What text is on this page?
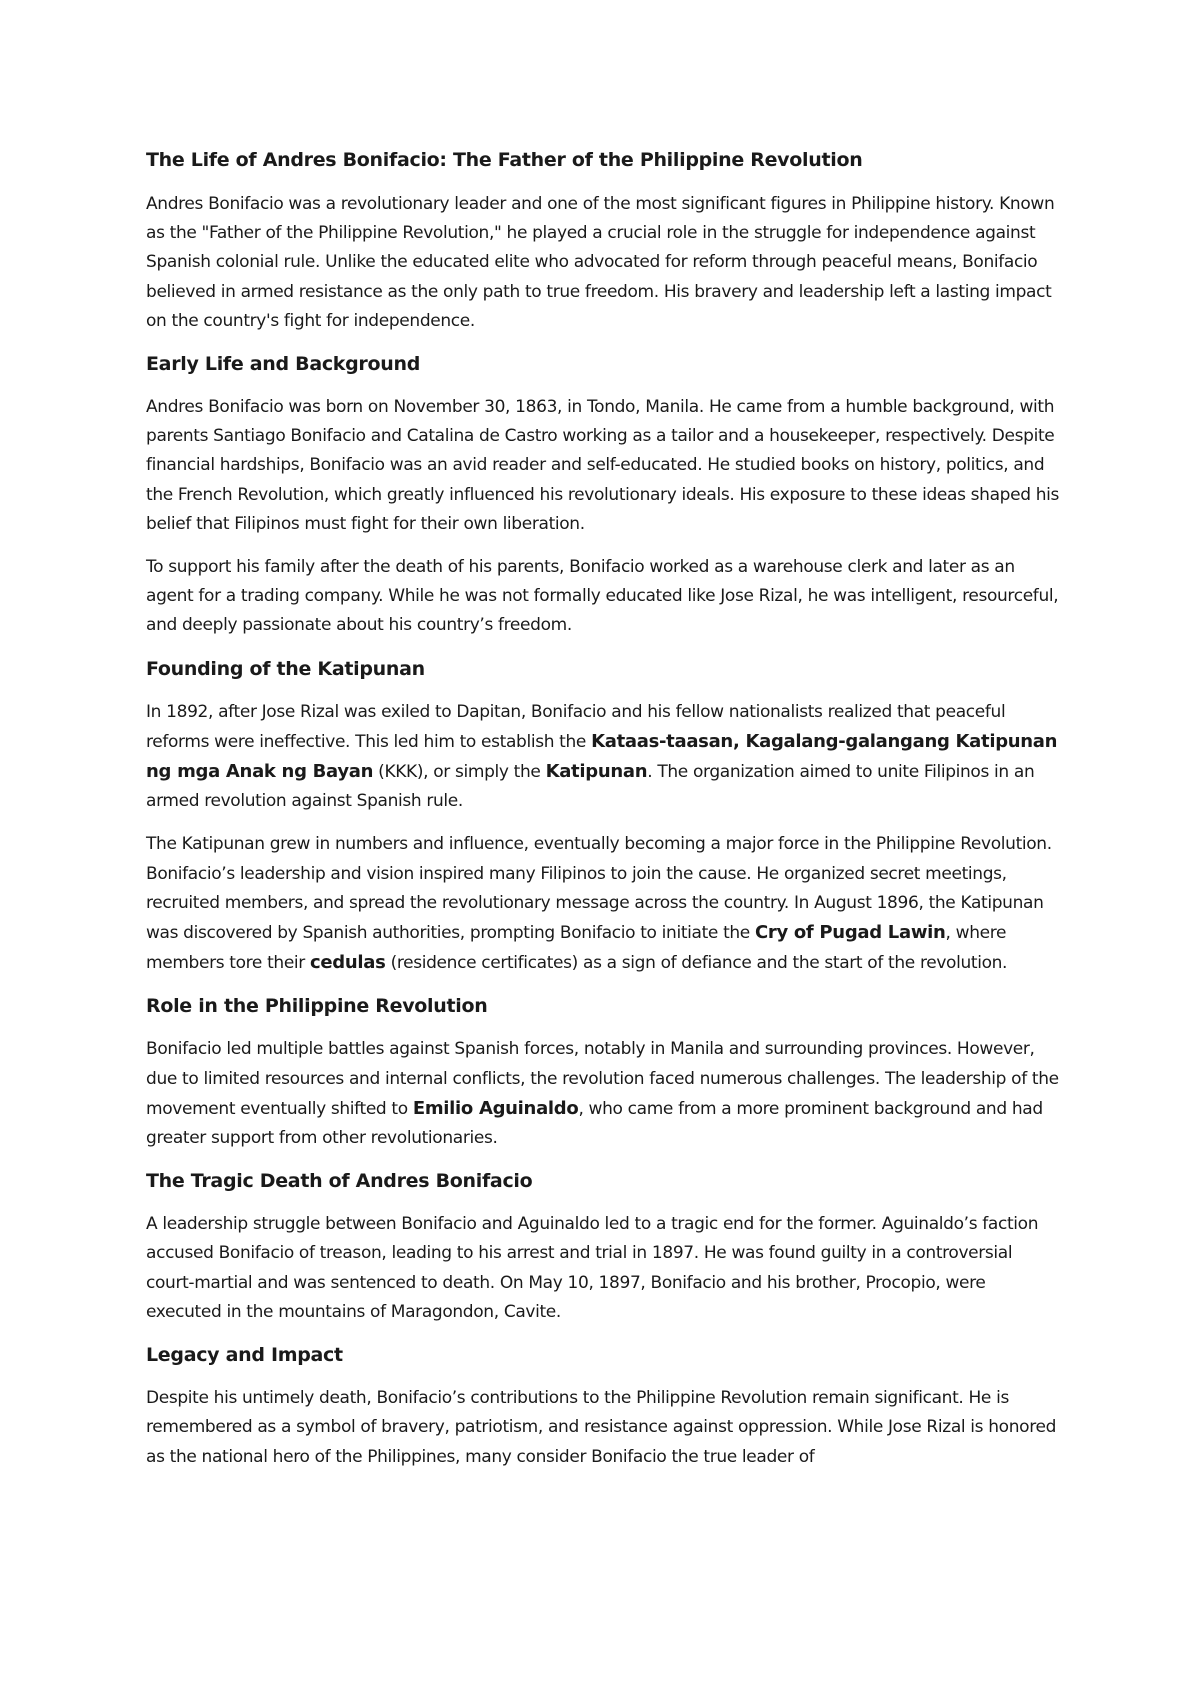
The Life of Andres Bonifacio: The Father of the Philippine Revolution

Andres Bonifacio was a revolutionary leader and one of the most significant figures in Philippine history. Known as the "Father of the Philippine Revolution," he played a crucial role in the struggle for independence against Spanish colonial rule. Unlike the educated elite who advocated for reform through peaceful means, Bonifacio believed in armed resistance as the only path to true freedom. His bravery and leadership left a lasting impact on the country's fight for independence.

Early Life and Background

Andres Bonifacio was born on November 30, 1863, in Tondo, Manila. He came from a humble background, with parents Santiago Bonifacio and Catalina de Castro working as a tailor and a housekeeper, respectively. Despite financial hardships, Bonifacio was an avid reader and self-educated. He studied books on history, politics, and the French Revolution, which greatly influenced his revolutionary ideals. His exposure to these ideas shaped his belief that Filipinos must fight for their own liberation.

To support his family after the death of his parents, Bonifacio worked as a warehouse clerk and later as an agent for a trading company. While he was not formally educated like Jose Rizal, he was intelligent, resourceful, and deeply passionate about his country’s freedom.

Founding of the Katipunan

In 1892, after Jose Rizal was exiled to Dapitan, Bonifacio and his fellow nationalists realized that peaceful reforms were ineffective. This led him to establish the Kataas-taasan, Kagalang-galangang Katipunan ng mga Anak ng Bayan (KKK), or simply the Katipunan. The organization aimed to unite Filipinos in an armed revolution against Spanish rule.

The Katipunan grew in numbers and influence, eventually becoming a major force in the Philippine Revolution. Bonifacio’s leadership and vision inspired many Filipinos to join the cause. He organized secret meetings, recruited members, and spread the revolutionary message across the country. In August 1896, the Katipunan was discovered by Spanish authorities, prompting Bonifacio to initiate the Cry of Pugad Lawin, where members tore their cedulas (residence certificates) as a sign of defiance and the start of the revolution.

Role in the Philippine Revolution

Bonifacio led multiple battles against Spanish forces, notably in Manila and surrounding provinces. However, due to limited resources and internal conflicts, the revolution faced numerous challenges. The leadership of the movement eventually shifted to Emilio Aguinaldo, who came from a more prominent background and had greater support from other revolutionaries.

The Tragic Death of Andres Bonifacio

A leadership struggle between Bonifacio and Aguinaldo led to a tragic end for the former. Aguinaldo’s faction accused Bonifacio of treason, leading to his arrest and trial in 1897. He was found guilty in a controversial court-martial and was sentenced to death. On May 10, 1897, Bonifacio and his brother, Procopio, were executed in the mountains of Maragondon, Cavite.

Legacy and Impact

Despite his untimely death, Bonifacio’s contributions to the Philippine Revolution remain significant. He is remembered as a symbol of bravery, patriotism, and resistance against oppression. While Jose Rizal is honored as the national hero of the Philippines, many consider Bonifacio the true leader of
